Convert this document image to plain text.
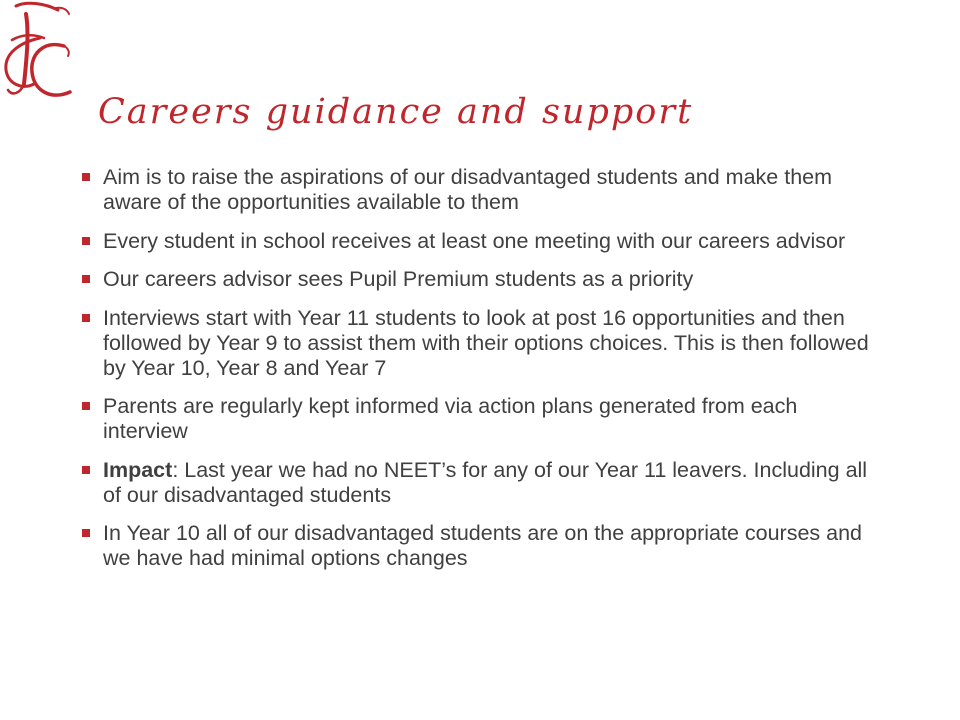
Careers guidance and support
Aim is to raise the aspirations of our disadvantaged students and make them aware of the opportunities available to them
Every student in school receives at least one meeting with our careers advisor
Our careers advisor sees Pupil Premium students as a priority
Interviews start with Year 11 students to look at post 16 opportunities and then followed by Year 9 to assist them with their options choices. This is then followed by Year 10, Year 8 and Year 7
Parents are regularly kept informed via action plans generated from each interview
Impact: Last year we had no NEET’s for any of our Year 11 leavers. Including all of our disadvantaged students
In Year 10 all of our disadvantaged students are on the appropriate courses and we have had minimal options changes
